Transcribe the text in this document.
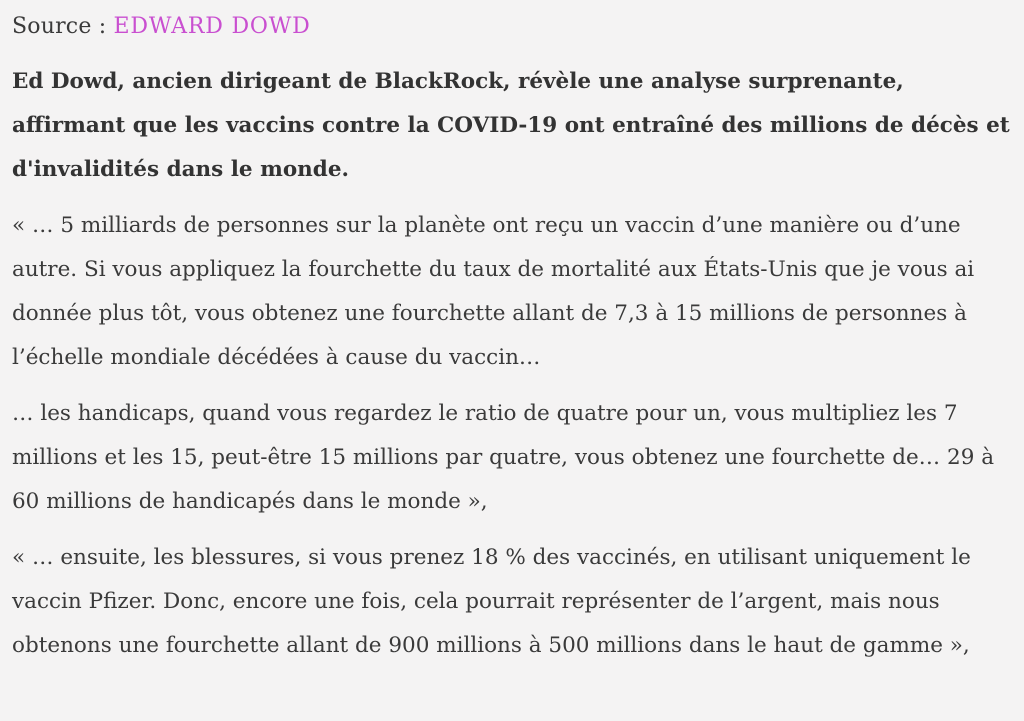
Source : EDWARD DOWD

Ed Dowd, ancien dirigeant de BlackRock, révèle une analyse surprenante, affirmant que les vaccins contre la COVID-19 ont entraîné des millions de décès et d'invalidités dans le monde.

« … 5 milliards de personnes sur la planète ont reçu un vaccin d’une manière ou d’une autre. Si vous appliquez la fourchette du taux de mortalité aux États-Unis que je vous ai donnée plus tôt, vous obtenez une fourchette allant de 7,3 à 15 millions de personnes à l’échelle mondiale décédées à cause du vaccin…

… les handicaps, quand vous regardez le ratio de quatre pour un, vous multipliez les 7 millions et les 15, peut-être 15 millions par quatre, vous obtenez une fourchette de… 29 à 60 millions de handicapés dans le monde »,

« … ensuite, les blessures, si vous prenez 18 % des vaccinés, en utilisant uniquement le vaccin Pfizer. Donc, encore une fois, cela pourrait représenter de l’argent, mais nous obtenons une fourchette allant de 900 millions à 500 millions dans le haut de gamme »,
